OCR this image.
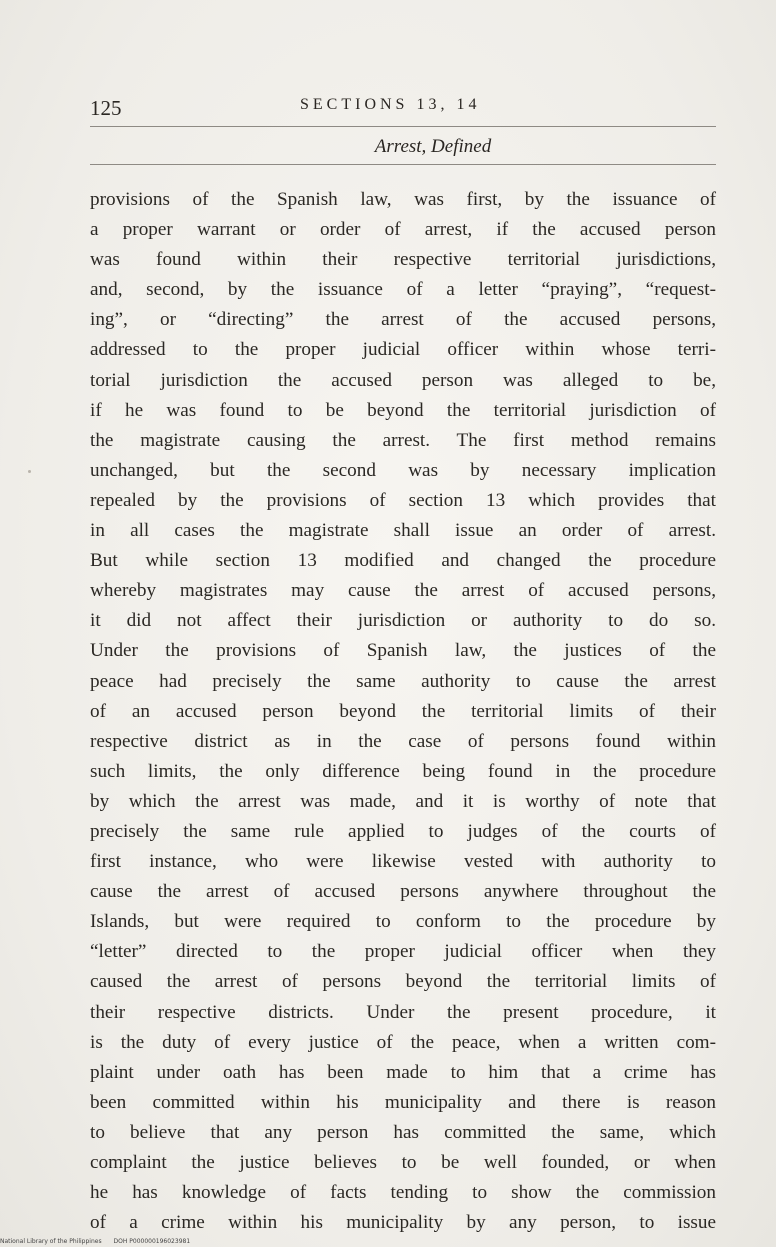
125	SECTIONS 13, 14
Arrest, Defined
provisions of the Spanish law, was first, by the issuance of
a proper warrant or order of arrest, if the accused person
was found within their respective territorial jurisdictions,
and, second, by the issuance of a letter “praying”, “request-
ing”, or “directing” the arrest of the accused persons,
addressed to the proper judicial officer within whose terri-
torial jurisdiction the accused person was alleged to be,
if he was found to be beyond the territorial jurisdiction of
the magistrate causing the arrest. The first method remains
unchanged, but the second was by necessary implication
repealed by the provisions of section 13 which provides that
in all cases the magistrate shall issue an order of arrest.
But while section 13 modified and changed the procedure
whereby magistrates may cause the arrest of accused persons,
it did not affect their jurisdiction or authority to do so.
Under the provisions of Spanish law, the justices of the
peace had precisely the same authority to cause the arrest
of an accused person beyond the territorial limits of their
respective district as in the case of persons found within
such limits, the only difference being found in the procedure
by which the arrest was made, and it is worthy of note that
precisely the same rule applied to judges of the courts of
first instance, who were likewise vested with authority to
cause the arrest of accused persons anywhere throughout the
Islands, but were required to conform to the procedure by
“letter” directed to the proper judicial officer when they
caused the arrest of persons beyond the territorial limits of
their respective districts. Under the present procedure, it
is the duty of every justice of the peace, when a written com-
plaint under oath has been made to him that a crime has
been committed within his municipality and there is reason
to believe that any person has committed the same, which
complaint the justice believes to be well founded, or when
he has knowledge of facts tending to show the commission
of a crime within his municipality by any person, to issue
National Library of the Philippines DOH P000000196023981
